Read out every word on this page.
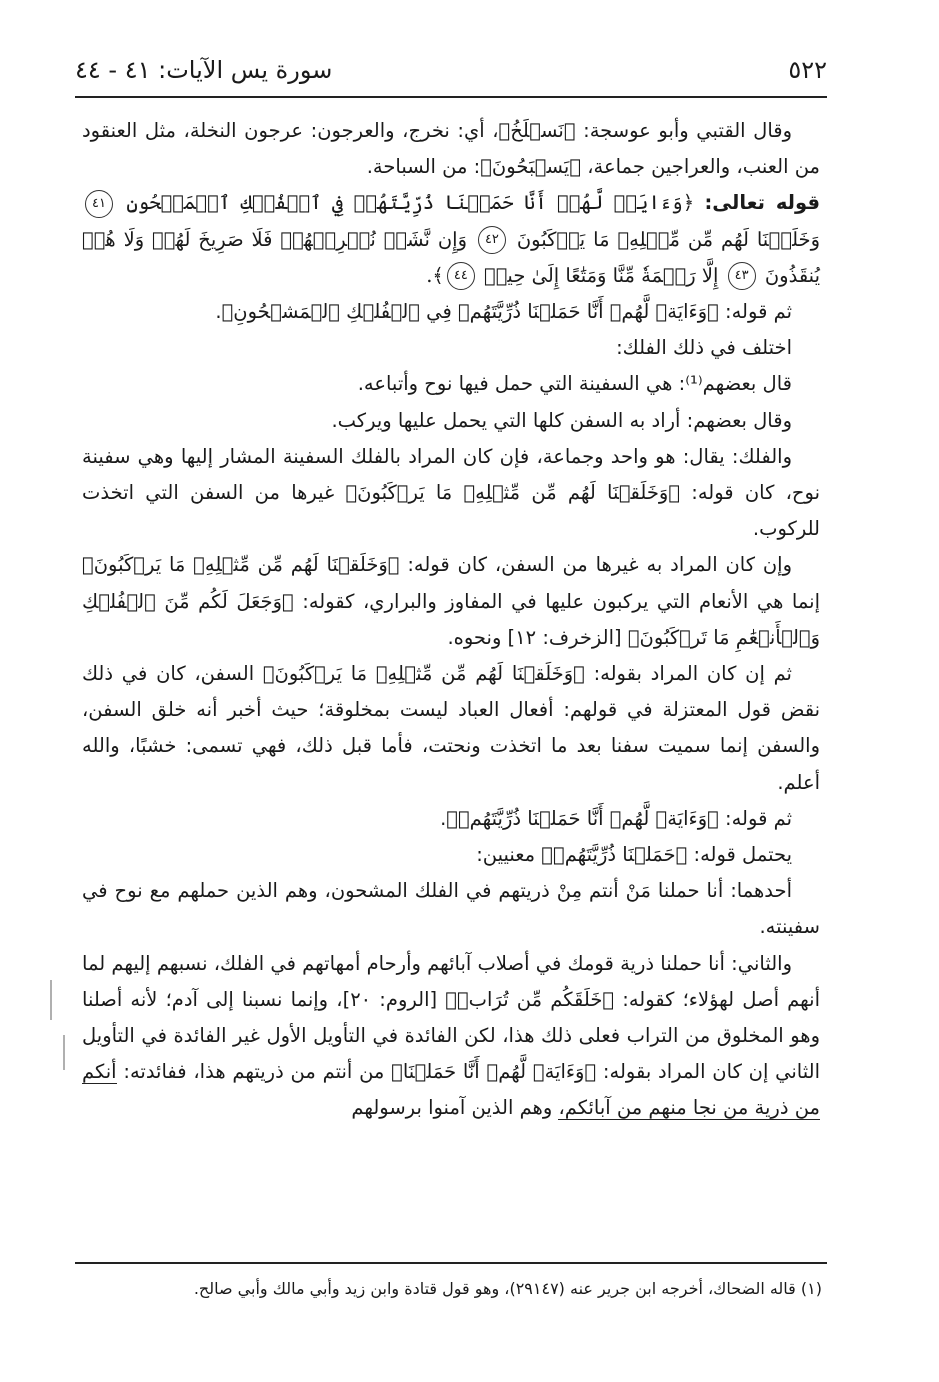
٥٢٢
سورة يس الآيات: ٤١ - ٤٤

وقال القتبي وأبو عوسجة: ﴿نَسۡلَخُ﴾، أي: نخرج، والعرجون: عرجون النخلة، مثل العنقود من العنب، والعراجين جماعة، ﴿يَسۡبَحُونَ﴾: من السباحة.

قوله تعالى: ﴿وَءَايَةٞ لَّهُمۡ أَنَّا حَمَلۡنَا ذُرِّيَّتَهُمۡ فِي ٱلۡفُلۡكِ ٱلۡمَشۡحُونِ ٤١ وَخَلَقۡنَا لَهُم مِّن مِّثۡلِهِۦ مَا يَرۡكَبُونَ ٤٢ وَإِن نَّشَأۡ نُغۡرِقۡهُمۡ فَلَا صَرِيخَ لَهُمۡ وَلَا هُمۡ يُنقَذُونَ ٤٣ إِلَّا رَحۡمَةٗ مِّنَّا وَمَتَٰعًا إِلَىٰ حِينٖ ٤٤﴾.

ثم قوله: ﴿وَءَايَةٞ لَّهُمۡ أَنَّا حَمَلۡنَا ذُرِّيَّتَهُمۡ فِي ٱلۡفُلۡكِ ٱلۡمَشۡحُونِ﴾.

اختلف في ذلك الفلك:

قال بعضهم⁽¹⁾: هي السفينة التي حمل فيها نوح وأتباعه.

وقال بعضهم: أراد به السفن كلها التي يحمل عليها ويركب.

والفلك: يقال: هو واحد وجماعة، فإن كان المراد بالفلك السفينة المشار إليها وهي سفينة نوح، كان قوله: ﴿وَخَلَقۡنَا لَهُم مِّن مِّثۡلِهِۦ مَا يَرۡكَبُونَ﴾ غيرها من السفن التي اتخذت للركوب.

وإن كان المراد به غيرها من السفن، كان قوله: ﴿وَخَلَقۡنَا لَهُم مِّن مِّثۡلِهِۦ مَا يَرۡكَبُونَ﴾ إنما هي الأنعام التي يركبون عليها في المفاوز والبراري، كقوله: ﴿وَجَعَلَ لَكُم مِّنَ ٱلۡفُلۡكِ وَٱلۡأَنۡعَٰمِ مَا تَرۡكَبُونَ﴾ [الزخرف: ١٢] ونحوه.

ثم إن كان المراد بقوله: ﴿وَخَلَقۡنَا لَهُم مِّن مِّثۡلِهِۦ مَا يَرۡكَبُونَ﴾ السفن، كان في ذلك نقض قول المعتزلة في قولهم: أفعال العباد ليست بمخلوقة؛ حيث أخبر أنه خلق السفن، والسفن إنما سميت سفنا بعد ما اتخذت ونحتت، فأما قبل ذلك، فهي تسمى: خشبًا، والله أعلم.

ثم قوله: ﴿وَءَايَةٞ لَّهُمۡ أَنَّا حَمَلۡنَا ذُرِّيَّتَهُمۡ﴾.

يحتمل قوله: ﴿حَمَلۡنَا ذُرِّيَّتَهُمۡ﴾ معنيين:

أحدهما: أنا حملنا مَنْ أنتم مِنْ ذريتهم في الفلك المشحون، وهم الذين حملهم مع نوح في سفينته.

والثاني: أنا حملنا ذرية قومك في أصلاب آبائهم وأرحام أمهاتهم في الفلك، نسبهم إليهم لما أنهم أصل لهؤلاء؛ كقوله: ﴿خَلَقَكُم مِّن تُرَابٖ﴾ [الروم: ٢٠]، وإنما نسبنا إلى آدم؛ لأنه أصلنا وهو المخلوق من التراب فعلى ذلك هذا، لكن الفائدة في التأويل الأول غير الفائدة في التأويل الثاني إن كان المراد بقوله: ﴿وَءَايَةٞ لَّهُمۡ أَنَّا حَمَلۡنَا﴾ من أنتم من ذريتهم هذا، ففائدته: أنكم من ذرية من نجا منهم من آبائكم، وهم الذين آمنوا برسولهم

(١) قاله الضحاك، أخرجه ابن جرير عنه (٢٩١٤٧)، وهو قول قتادة وابن زيد وأبي مالك وأبي صالح.
